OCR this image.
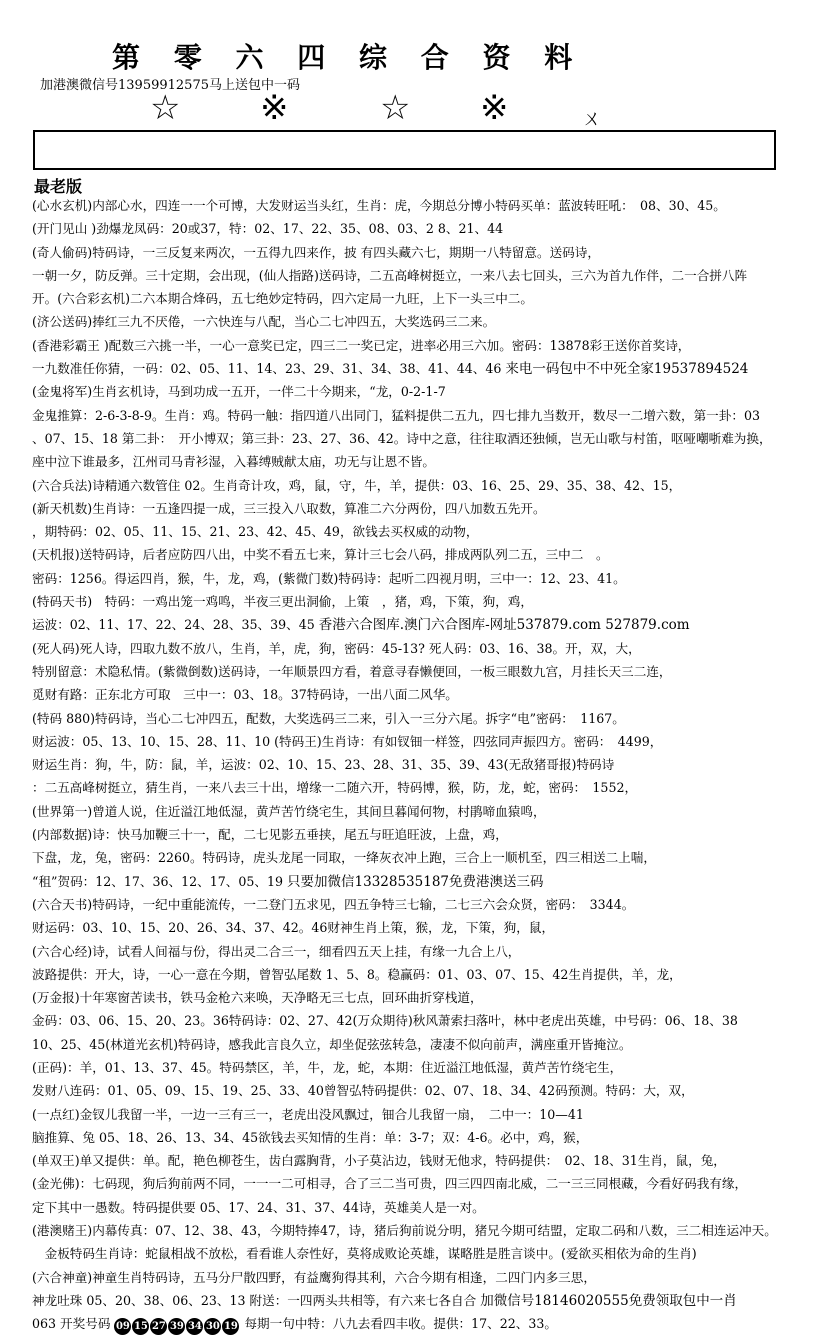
第 零 六 四 综 合 资 料
加港澳微信号13959912575马上送包中一码
☆ ※	☆ ※	ㄨ
最老版
(心水玄机)内部心水，四连一一个可博，大发财运当头红，生肖：虎，今期总分博小特码买单：蓝波转旺吼：　08、30、45。
(开门见山 )劲爆龙凤码：20或37，特：02、17、22、35、08、03、2 8、21、44
(奇人偷码)特码诗，一三反复来两次，一五得九四来作，披 有四头藏六七，期期一八特留意。送码诗，
一朝一夕，防反弹。三十定期，会出现，(仙人指路)送码诗，二五高峰树挺立，一来八去七回头，三六为首九作伴，二一合拼八阵
开。(六合彩玄机)二六本期合烽码，五七绝妙定特码，四六定局一九旺，上下一头三中二。
(济公送码)捧红三九不厌倦，一六快连与八配，当心二七冲四五，大奖选码三二来。
(香港彩霸王 )配数三六挑一半，一心一意奖已定，四三二一奖已定，进率必用三六加。密码：13878彩王送你首奖诗，
一九数准任你猜，一码：02、05、11、14、23、29、31、34、38、41、44、46 来电一码包中不中死全家19537894524
(金鬼将军)生肖玄机诗，马到功成一五开，一伴二十今期来，“龙，0-2-1-7
金鬼推算：2-6-3-8-9。生肖：鸡。特码一触：指四道八出同门，猛料提供二五九，四七排九当数开，数尽一二增六数，第一卦：03
、07、15、18 第二卦：　开小博双；第三卦：23、27、36、42。诗中之意，往往取酒还独倾，岂无山歌与村笛，呕哑嘲哳难为换，
座中泣下谁最多，江州司马青衫湿，入暮缚贼献太庙，功无与让恩不皆。
(六合兵法)诗精通六数管住 02。生肖奇计攻，鸡，鼠，守，牛，羊，提供：03、16、25、29、35、38、42、15，
(新天机数)生肖诗：一五逢四提一成，三三投入八取数，算准二六分两份，四八加数五先开。
，期特码：02、05、11、15、21、23、42、45、49，欲钱去买权威的动物，
(天机报)送特码诗，后者应防四八出，中奖不看五七来，算计三七会八码，排成两队列二五，三中二　。
密码：1256。得运四肖，猴，牛，龙，鸡，(紫微门数)特码诗：起听二四视月明，三中一：12、23、41。
(特码天书)　特码：一鸡出笼一鸡鸣，半夜三更出洞偷，上策　，猪，鸡，下策，狗，鸡，
运波：02、11、17、22、24、28、35、39、45 香港六合图库.澳门六合图库-网址537879.com 527879.com
(死人码)死人诗，四取九数不放八，生肖，羊，虎，狗，密码：45-13? 死人码：03、16、38。开，双，大，
特别留意：术隐私情。(紫微倒数)送码诗，一年顺景四方看，着意寻春懒便回，一板三眼数九宫，月挂长天三二连，
觅财有路：正东北方可取　三中一：03、18。37特码诗，一出八面二风华。
(特码 880)特码诗，当心二七冲四五，配数，大奖选码三二来，引入一三分六尾。拆字“电”密码：　1167。
财运波：05、13、10、15、28、11、10 (特码王)生肖诗：有如钗钿一样签，四弦同声振四方。密码：　4499，
财运生肖：狗，牛，防：鼠，羊，运波：02、10、15、23、28、31、35、39、43(无敌猪哥报)特码诗
：二五高峰树挺立，猜生肖，一来八去三十出，增缘一二随六开，特码博，猴，防，龙，蛇，密码：　1552，
(世界第一)曾道人说，住近溢江地低湿，黄芦苦竹绕宅生，其间旦暮闻何物，村鹃啼血猿鸣，
(内部数据)诗：快马加鞭三十一，配，二七见影五垂挟，尾五与旺追旺波，上盘，鸡，
下盘，龙，兔，密码：2260。特码诗，虎头龙尾一同取，一绛灰衣冲上跑，三合上一顺机至，四三相送二上喘，
“租”贺码：12、17、36、12、17、05、19 只要加微信13328535187免费港澳送三码
(六合天书)特码诗，一纪中重能流传，一二登门五求见，四五争特三七输，二七三六会众贤，密码：　3344。
财运码：03、10、15、20、26、34、37、42。46财神生肖上策，猴，龙，下策，狗，鼠，
(六合心经)诗，试看人间福与份，得出灵二合三一，细看四五天上挂，有缘一九合上八，
波路提供：开大，诗，一心一意在今期，曾智弘尾数 1、5、8。稳赢码：01、03、07、15、42生肖提供，羊，龙，
(万金报)十年寒窗苦读书，铁马金枪六来唤，天净略无三七点，回环曲折穿栈道，
金码：03、06、15、20、23。36特码诗：02、27、42(万众期待)秋风萧索扫落叶，林中老虎出英雄，中号码：06、18、38
10、25、45(林道光玄机)特码诗，感我此言良久立，却坐促弦弦转急，凄凄不似向前声，满座重开皆掩泣。
(正码)：羊，01、13、37、45。特码禁区，羊，牛，龙，蛇，本期：住近溢江地低湿，黄芦苦竹绕宅生，
发财八连码：01、05、09、15、19、25、33、40曾智弘特码提供：02、07、18、34、42码预测。特码：大，双，
(一点红)金钗儿我留一半，一边一三有三一，老虎出没风飘过，钿合儿我留一扇，　二中一：10—41
脑推算、兔 05、18、26、13、34、45欲钱去买知情的生肖：单：3-7；双：4-6。必中，鸡，猴，
(单双王)单又提供：单。配，艳色柳苍生，齿白露胸背，小子莫沾边，钱财无他求，特码提供：　02、18、31生肖，鼠，兔，
(金光佛)：七码现，狗后狗前两不同，一一一二可相寻，合了三二当可贵，四三四四南北威，二一三三同根藏，今看好码我有缘，
定下其中一愚数。特码提供要 05、17、24、31、37、44诗，英雄美人是一对。
(港澳赌王)内幕传真：07、12、38、43，今期特捧47，诗，猪后狗前说分明，猪兄今期可结盟，定取二码和八数，三二相连运冲天。
　金板特码生肖诗：蛇鼠相战不放松，看看谁人奈性好，莫将成败论英雄，谋略胜是胜言谈中。(爱欲买相依为命的生肖)
(六合神童)神童生肖特码诗，五马分尸散四野，有益鹰狗得其利，六合今期有相逢，二四门内多三思，
神龙吐珠 05、20、38、06、23、13 附送：一四两头共相等，有六来七各自合 加微信号18146020555免费领取包中一肖
063 开奖号码 09 15 27 39 34 30 19 每期一句中特：八九去看四丰收。提供：17、22、33。
